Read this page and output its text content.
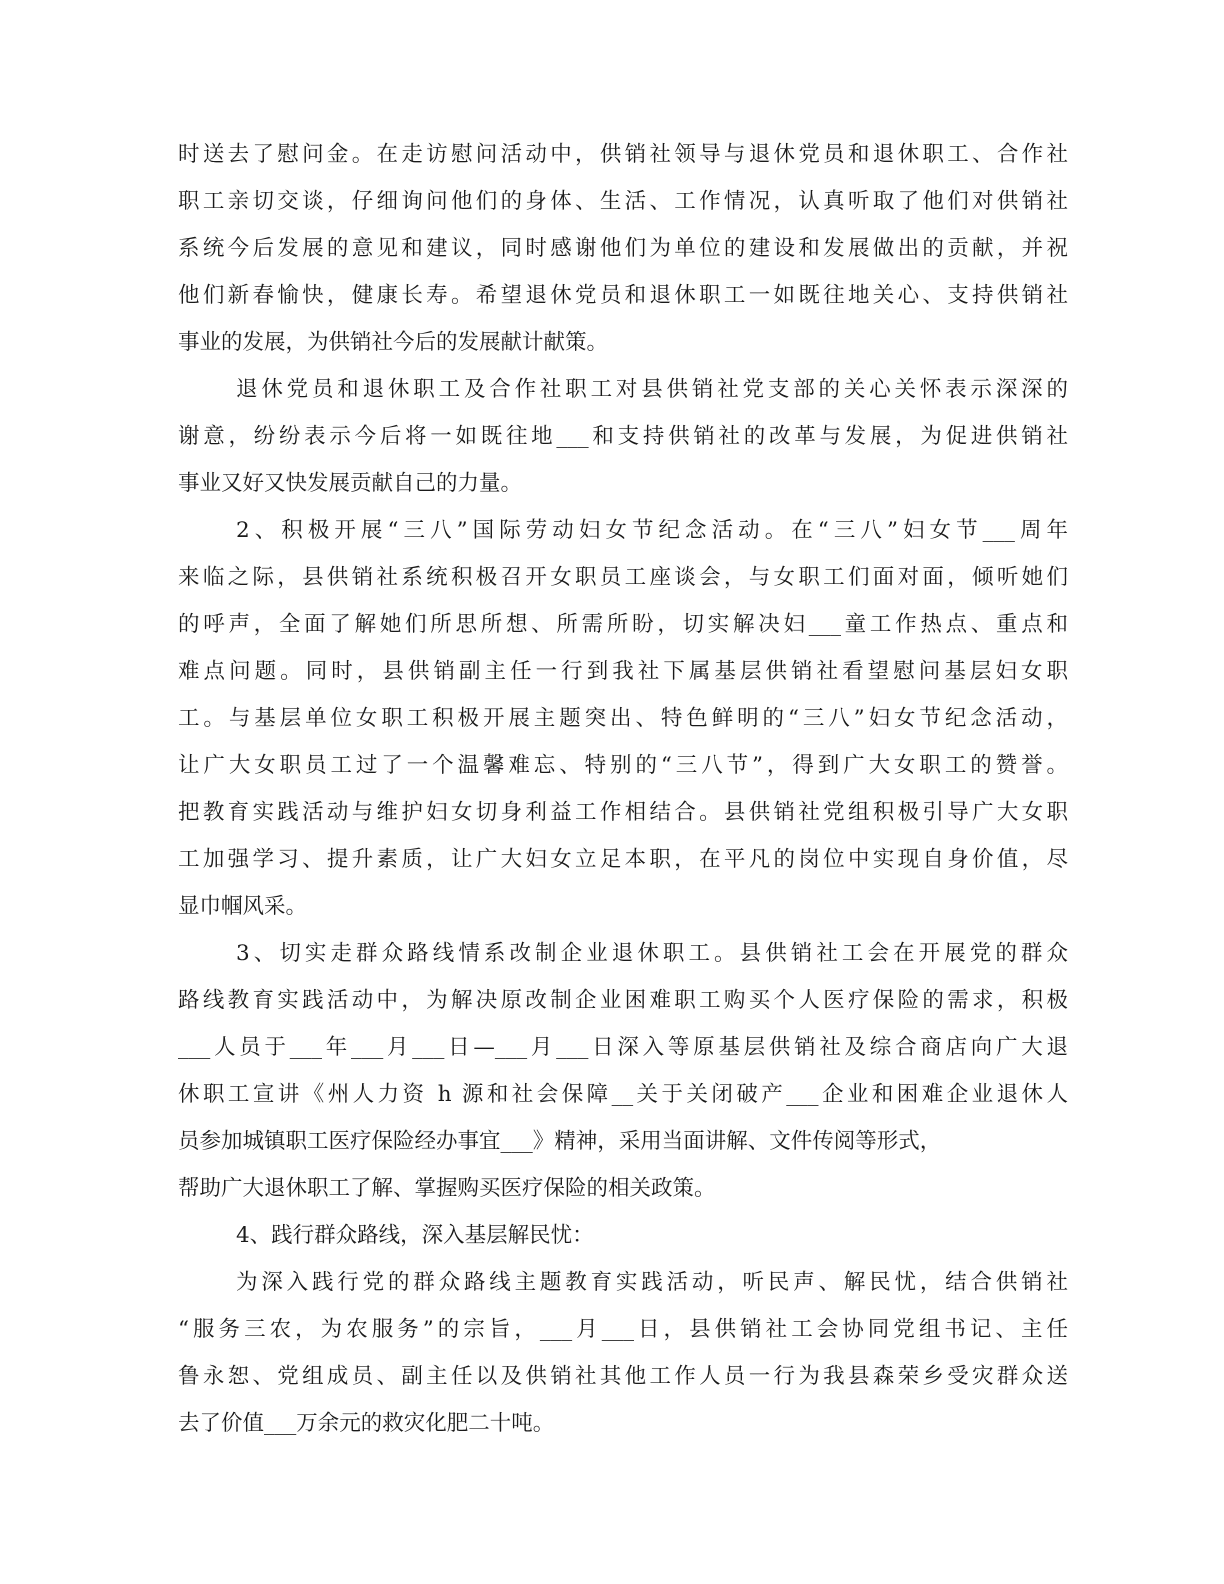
时送去了慰问金。在走访慰问活动中，供销社领导与退休党员和退休职工、合作社
职工亲切交谈，仔细询问他们的身体、生活、工作情况，认真听取了他们对供销社
系统今后发展的意见和建议，同时感谢他们为单位的建设和发展做出的贡献，并祝
他们新春愉快，健康长寿。希望退休党员和退休职工一如既往地关心、支持供销社
事业的发展，为供销社今后的发展献计献策。
退休党员和退休职工及合作社职工对县供销社党支部的关心关怀表示深深的
谢意，纷纷表示今后将一如既往地___和支持供销社的改革与发展，为促进供销社
事业又好又快发展贡献自己的力量。
2、积极开展“三八”国际劳动妇女节纪念活动。在“三八”妇女节___周年
来临之际，县供销社系统积极召开女职员工座谈会，与女职工们面对面，倾听她们
的呼声，全面了解她们所思所想、所需所盼，切实解决妇___童工作热点、重点和
难点问题。同时，县供销副主任一行到我社下属基层供销社看望慰问基层妇女职
工。与基层单位女职工积极开展主题突出、特色鲜明的“三八”妇女节纪念活动，
让广大女职员工过了一个温馨难忘、特别的“三八节”，得到广大女职工的赞誉。
把教育实践活动与维护妇女切身利益工作相结合。县供销社党组积极引导广大女职
工加强学习、提升素质，让广大妇女立足本职，在平凡的岗位中实现自身价值，尽
显巾帼风采。
3、切实走群众路线情系改制企业退休职工。县供销社工会在开展党的群众
路线教育实践活动中，为解决原改制企业困难职工购买个人医疗保险的需求，积极
___人员于___年___月___日—___月___日深入等原基层供销社及综合商店向广大退
休职工宣讲《州人力资 h 源和社会保障__关于关闭破产___企业和困难企业退休人
员参加城镇职工医疗保险经办事宜___》精神，采用当面讲解、文件传阅等形式，
帮助广大退休职工了解、掌握购买医疗保险的相关政策。
4、践行群众路线，深入基层解民忧：
为深入践行党的群众路线主题教育实践活动，听民声、解民忧，结合供销社
“服务三农，为农服务”的宗旨，___月___日，县供销社工会协同党组书记、主任
鲁永恕、党组成员、副主任以及供销社其他工作人员一行为我县森荣乡受灾群众送
去了价值___万余元的救灾化肥二十吨。
